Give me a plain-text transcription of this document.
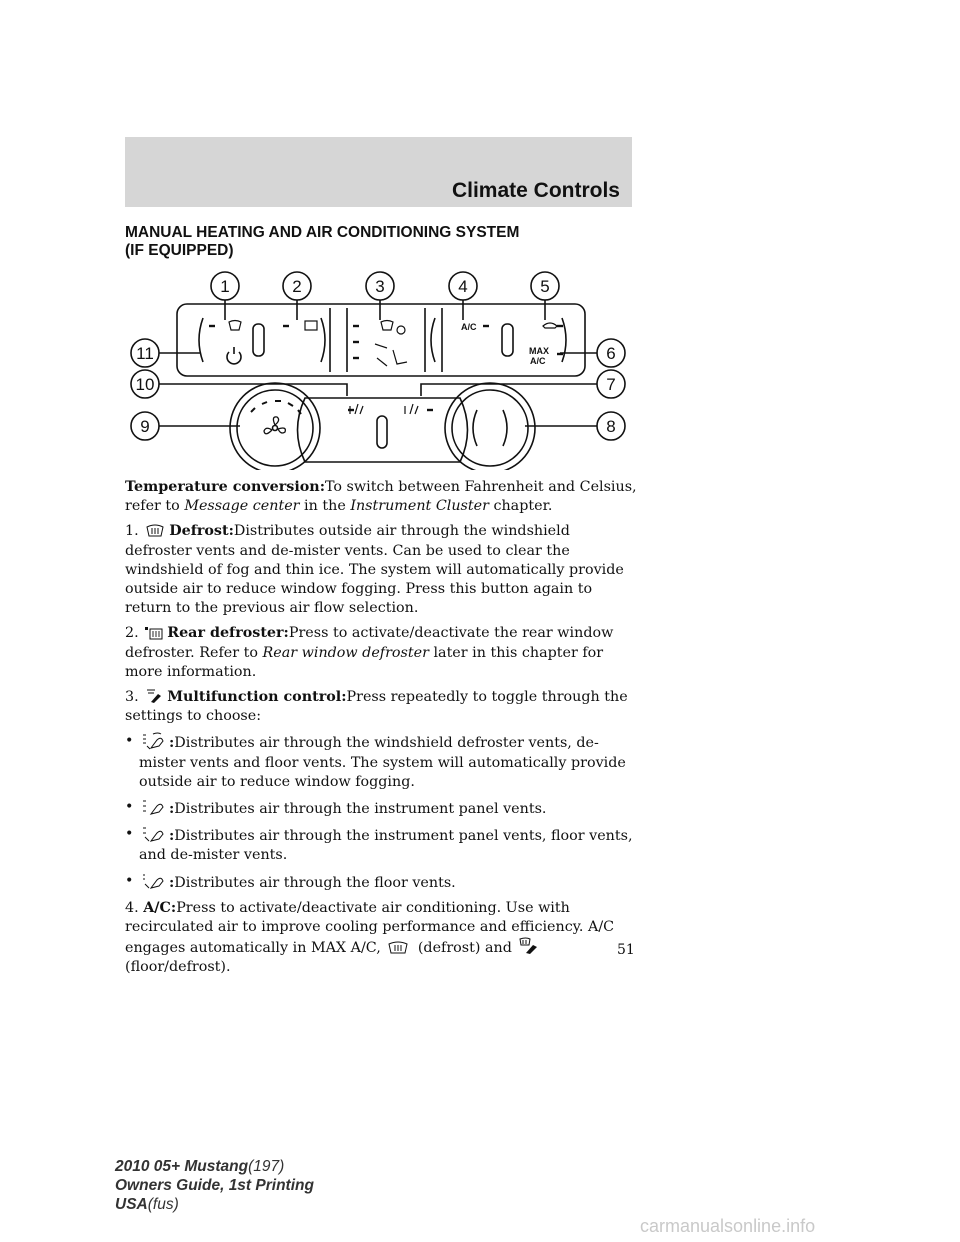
Climate Controls
MANUAL HEATING AND AIR CONDITIONING SYSTEM
(IF EQUIPPED)
A/C
MAX
A/C
1	2	3	4	5
6
7
8
9
10
11

Temperature conversion:To switch between Fahrenheit and Celsius, refer to Message center in the Instrument Cluster chapter.

1. Defrost:Distributes outside air through the windshield defroster vents and de-mister vents. Can be used to clear the windshield of fog and thin ice. The system will automatically provide outside air to reduce window fogging. Press this button again to return to the previous air flow selection.

2. Rear defroster:Press to activate/deactivate the rear window defroster. Refer to Rear window defroster later in this chapter for more information.

3. Multifunction control:Press repeatedly to toggle through the settings to choose:

•	:Distributes air through the windshield defroster vents, de-mister vents and floor vents. The system will automatically provide outside air to reduce window fogging.
•	:Distributes air through the instrument panel vents.
•	:Distributes air through the instrument panel vents, floor vents, and de-mister vents.
•	:Distributes air through the floor vents.

4. A/C:Press to activate/deactivate air conditioning. Use with recirculated air to improve cooling performance and efficiency. A/C engages automatically in MAX A/C,	(defrost) and
(floor/defrost).

51
2010 05+ Mustang(197)
Owners Guide, 1st Printing
USA(fus)
carmanualsonline.info
